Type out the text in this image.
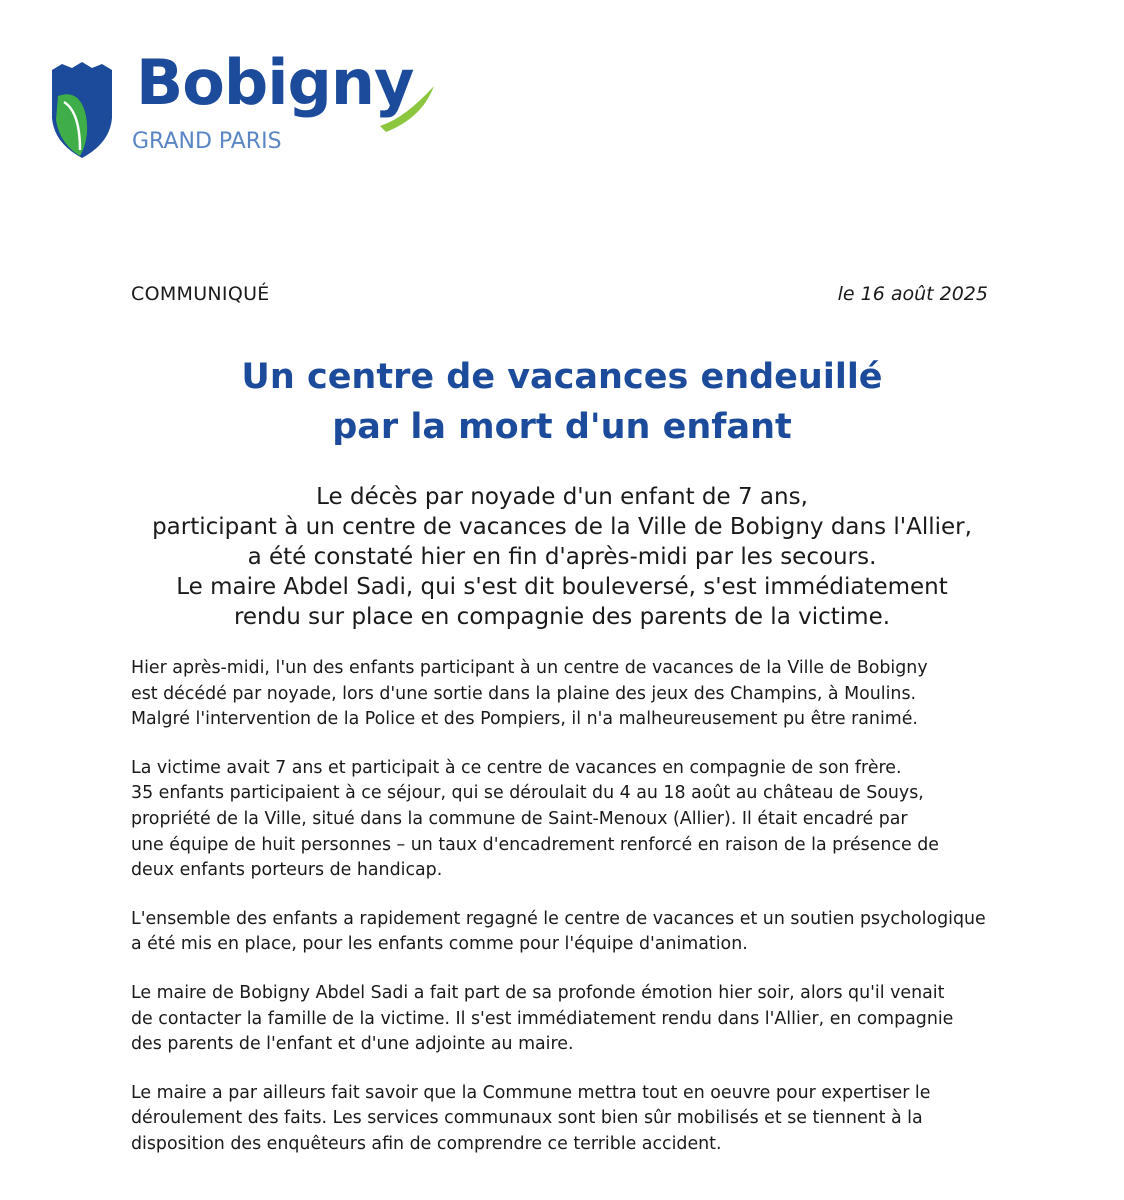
Bobigny
GRAND PARIS
COMMUNIQUÉ	le 16 août 2025
Un centre de vacances endeuillé
par la mort d'un enfant
Le décès par noyade d'un enfant de 7 ans,
participant à un centre de vacances de la Ville de Bobigny dans l'Allier,
a été constaté hier en fin d'après-midi par les secours.
Le maire Abdel Sadi, qui s'est dit bouleversé, s'est immédiatement
rendu sur place en compagnie des parents de la victime.

Hier après-midi, l'un des enfants participant à un centre de vacances de la Ville de Bobigny
est décédé par noyade, lors d'une sortie dans la plaine des jeux des Champins, à Moulins.
Malgré l'intervention de la Police et des Pompiers, il n'a malheureusement pu être ranimé.

La victime avait 7 ans et participait à ce centre de vacances en compagnie de son frère.
35 enfants participaient à ce séjour, qui se déroulait du 4 au 18 août au château de Souys,
propriété de la Ville, situé dans la commune de Saint-Menoux (Allier). Il était encadré par
une équipe de huit personnes – un taux d'encadrement renforcé en raison de la présence de
deux enfants porteurs de handicap.

L'ensemble des enfants a rapidement regagné le centre de vacances et un soutien psychologique
a été mis en place, pour les enfants comme pour l'équipe d'animation.

Le maire de Bobigny Abdel Sadi a fait part de sa profonde émotion hier soir, alors qu'il venait
de contacter la famille de la victime. Il s'est immédiatement rendu dans l'Allier, en compagnie
des parents de l'enfant et d'une adjointe au maire.

Le maire a par ailleurs fait savoir que la Commune mettra tout en oeuvre pour expertiser le
déroulement des faits. Les services communaux sont bien sûr mobilisés et se tiennent à la
disposition des enquêteurs afin de comprendre ce terrible accident.
